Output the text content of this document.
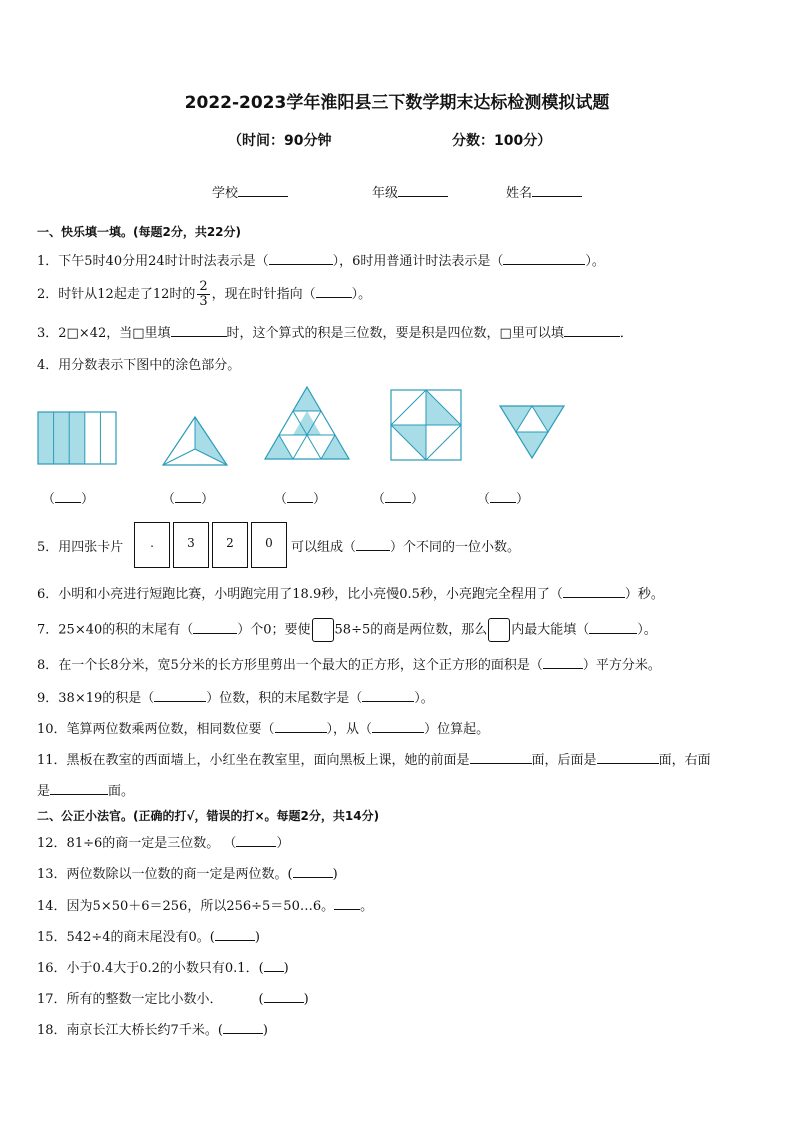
2022-2023学年淮阳县三下数学期末达标检测模拟试题
（时间：90分钟	分数：100分）
学校	年级	姓名
一、快乐填一填。(每题2分，共22分)
1．下午5时40分用24时计时法表示是（	），6时用普通计时法表示是（	）。
2．时针从12起走了12时的 $\frac{2}{3}$ ，现在时针指向（	）。
3．2□×42，当□里填	时，这个算式的积是三位数，要是积是四位数，□里可以填	．
4．用分数表示下图中的涂色部分。
（ ）	（ ）	（ ）	（ ）	（ ）
5．用四张卡片	.	3	2	0	可以组成（	）个不同的一位小数。
6．小明和小亮进行短跑比赛，小明跑完用了18.9秒，比小亮慢0.5秒，小亮跑完全程用了（	）秒。
7．25×40的积的末尾有（	）个0；要使 58÷5的商是两位数，那么 内最大能填（	）。
8．在一个长8分米，宽5分米的长方形里剪出一个最大的正方形，这个正方形的面积是（	）平方分米。
9．38×19的积是（	）位数，积的末尾数字是（	）。
10．笔算两位数乘两位数，相同数位要（	），从（	）位算起。
11．黑板在教室的西面墙上，小红坐在教室里，面向黑板上课，她的前面是	面，后面是	面，右面
是	面。
二、公正小法官。(正确的打√，错误的打×。每题2分，共14分)
12．81÷6的商一定是三位数。 （	）
13．两位数除以一位数的商一定是两位数。(	)
14．因为5×50＋6＝256，所以256÷5＝50…6。 。
15．542÷4的商末尾没有0。(	)
16．小于0.4大于0.2的小数只有0.1．( )
17．所有的整数一定比小数小．	(	)
18．南京长江大桥长约7千米。(	)
